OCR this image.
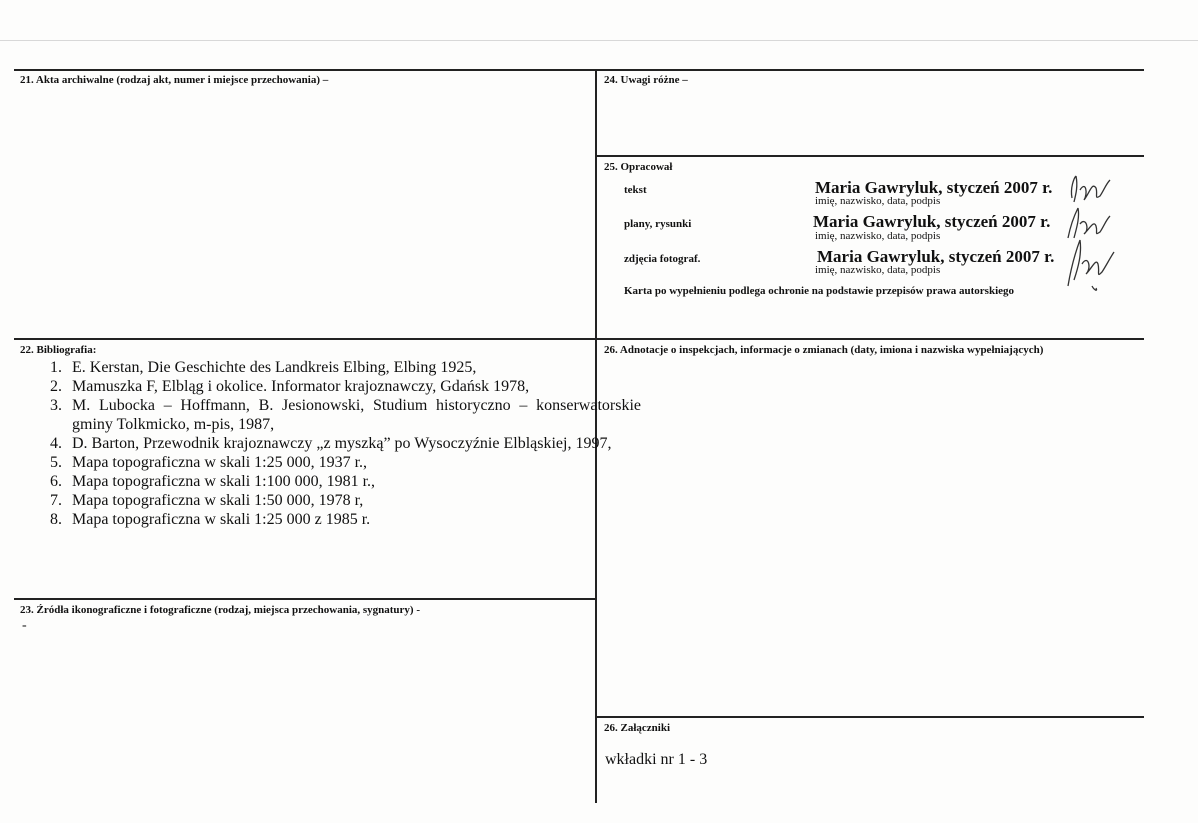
21. Akta archiwalne (rodzaj akt, numer i miejsce przechowania) –	24. Uwagi różne –
25. Opracował
tekst	Maria Gawryluk, styczeń 2007 r.
imię, nazwisko, data, podpis
plany, rysunki	Maria Gawryluk, styczeń 2007 r.
imię, nazwisko, data, podpis
zdjęcia fotograf.	Maria Gawryluk, styczeń 2007 r.
imię, nazwisko, data, podpis
Karta po wypełnieniu podlega ochronie na podstawie przepisów prawa autorskiego
22. Bibliografia:
1. E. Kerstan, Die Geschichte des Landkreis Elbing, Elbing 1925,
2. Mamuszka F, Elbląg i okolice. Informator krajoznawczy, Gdańsk 1978,
3. M. Lubocka – Hoffmann, B. Jesionowski, Studium historyczno – konserwatorskie gminy Tolkmicko, m-pis, 1987,
4. D. Barton, Przewodnik krajoznawczy „z myszką” po Wysoczyźnie Elbląskiej, 1997,
5. Mapa topograficzna w skali 1:25 000, 1937 r.,
6. Mapa topograficzna w skali 1:100 000, 1981 r.,
7. Mapa topograficzna w skali 1:50 000, 1978 r,
8. Mapa topograficzna w skali 1:25 000 z 1985 r.
26. Adnotacje o inspekcjach, informacje o zmianach (daty, imiona i nazwiska wypełniających)
23. Źródła ikonograficzne i fotograficzne (rodzaj, miejsca przechowania, sygnatury) -
-
26. Załączniki
wkładki nr 1 - 3
